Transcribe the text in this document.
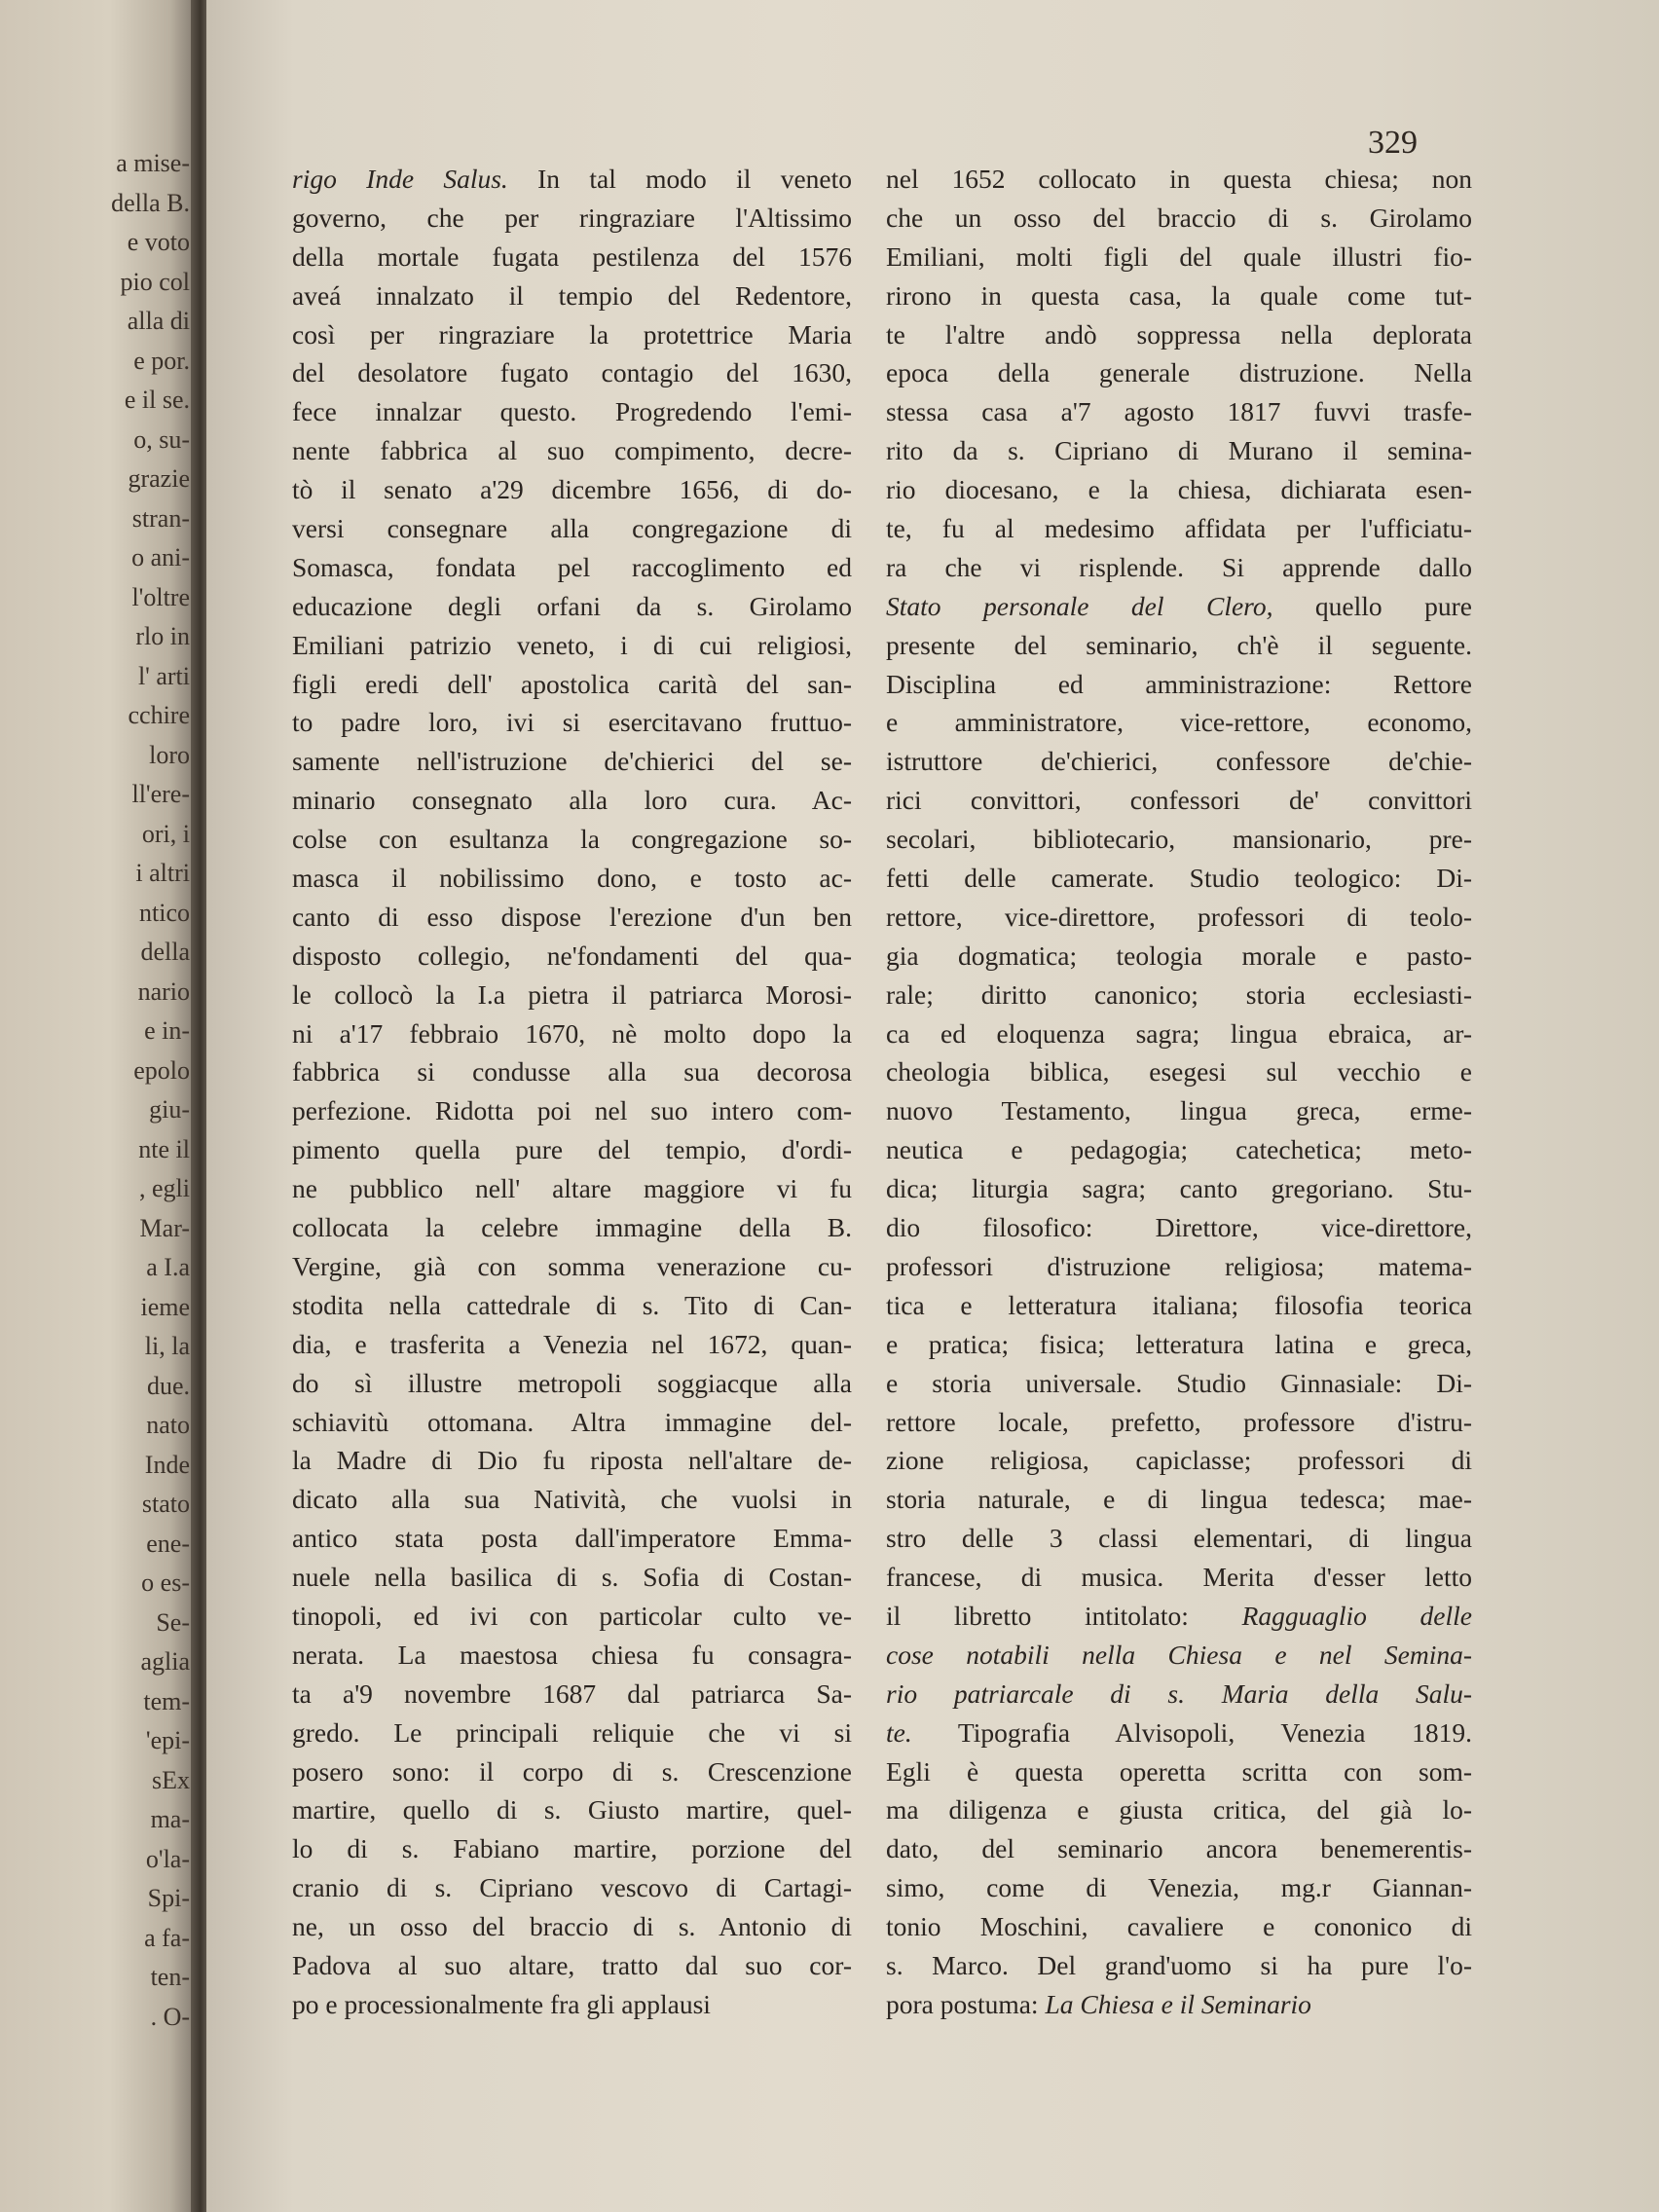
a mise-
della B.
e voto
pio col
alla di
e por.
e il se.
o, su-
grazie
stran-
o ani-
l'oltre
rlo in
l' arti
cchire
loro
ll'ere-
ori, i
i altri
ntico
della
nario
e in-
epolo
giu-
nte il
, egli
Mar-
a I.a
ieme
li, la
due.
nato
Inde
stato
ene-
o es-
Se-
aglia
tem-
'epi-
sEx
ma-
o'la-
Spi-
a fa-
ten-
. O-
329
rigo Inde Salus. In tal modo il veneto
governo, che per ringraziare l'Altissimo
della mortale fugata pestilenza del 1576
aveá innalzato il tempio del Redentore,
così per ringraziare la protettrice Maria
del desolatore fugato contagio del 1630,
fece innalzar questo. Progredendo l'emi-
nente fabbrica al suo compimento, decre-
tò il senato a'29 dicembre 1656, di do-
versi consegnare alla congregazione di
Somasca, fondata pel raccoglimento ed
educazione degli orfani da s. Girolamo
Emiliani patrizio veneto, i di cui religiosi,
figli eredi dell' apostolica carità del san-
to padre loro, ivi si esercitavano fruttuo-
samente nell'istruzione de'chierici del se-
minario consegnato alla loro cura. Ac-
colse con esultanza la congregazione so-
masca il nobilissimo dono, e tosto ac-
canto di esso dispose l'erezione d'un ben
disposto collegio, ne'fondamenti del qua-
le collocò la I.a pietra il patriarca Morosi-
ni a'17 febbraio 1670, nè molto dopo la
fabbrica si condusse alla sua decorosa
perfezione. Ridotta poi nel suo intero com-
pimento quella pure del tempio, d'ordi-
ne pubblico nell' altare maggiore vi fu
collocata la celebre immagine della B.
Vergine, già con somma venerazione cu-
stodita nella cattedrale di s. Tito di Can-
dia, e trasferita a Venezia nel 1672, quan-
do sì illustre metropoli soggiacque alla
schiavitù ottomana. Altra immagine del-
la Madre di Dio fu riposta nell'altare de-
dicato alla sua Natività, che vuolsi in
antico stata posta dall'imperatore Emma-
nuele nella basilica di s. Sofia di Costan-
tinopoli, ed ivi con particolar culto ve-
nerata. La maestosa chiesa fu consagra-
ta a'9 novembre 1687 dal patriarca Sa-
gredo. Le principali reliquie che vi si
posero sono: il corpo di s. Crescenzione
martire, quello di s. Giusto martire, quel-
lo di s. Fabiano martire, porzione del
cranio di s. Cipriano vescovo di Cartagi-
ne, un osso del braccio di s. Antonio di
Padova al suo altare, tratto dal suo cor-
po e processionalmente fra gli applausi
nel 1652 collocato in questa chiesa; non
che un osso del braccio di s. Girolamo
Emiliani, molti figli del quale illustri fio-
rirono in questa casa, la quale come tut-
te l'altre andò soppressa nella deplorata
epoca della generale distruzione. Nella
stessa casa a'7 agosto 1817 fuvvi trasfe-
rito da s. Cipriano di Murano il semina-
rio diocesano, e la chiesa, dichiarata esen-
te, fu al medesimo affidata per l'ufficiatu-
ra che vi risplende. Si apprende dallo
Stato personale del Clero, quello pure
presente del seminario, ch'è il seguente.
Disciplina ed amministrazione: Rettore
e amministratore, vice-rettore, economo,
istruttore de'chierici, confessore de'chie-
rici convittori, confessori de' convittori
secolari, bibliotecario, mansionario, pre-
fetti delle camerate. Studio teologico: Di-
rettore, vice-direttore, professori di teolo-
gia dogmatica; teologia morale e pasto-
rale; diritto canonico; storia ecclesiasti-
ca ed eloquenza sagra; lingua ebraica, ar-
cheologia biblica, esegesi sul vecchio e
nuovo Testamento, lingua greca, erme-
neutica e pedagogia; catechetica; meto-
dica; liturgia sagra; canto gregoriano. Stu-
dio filosofico: Direttore, vice-direttore,
professori d'istruzione religiosa; matema-
tica e letteratura italiana; filosofia teorica
e pratica; fisica; letteratura latina e greca,
e storia universale. Studio Ginnasiale: Di-
rettore locale, prefetto, professore d'istru-
zione religiosa, capiclasse; professori di
storia naturale, e di lingua tedesca; mae-
stro delle 3 classi elementari, di lingua
francese, di musica. Merita d'esser letto
il libretto intitolato: Ragguaglio delle
cose notabili nella Chiesa e nel Semina-
rio patriarcale di s. Maria della Salu-
te. Tipografia Alvisopoli, Venezia 1819.
Egli è questa operetta scritta con som-
ma diligenza e giusta critica, del già lo-
dato, del seminario ancora benemerentis-
simo, come di Venezia, mg.r Giannan-
tonio Moschini, cavaliere e cononico di
s. Marco. Del grand'uomo si ha pure l'o-
pora postuma: La Chiesa e il Seminario
